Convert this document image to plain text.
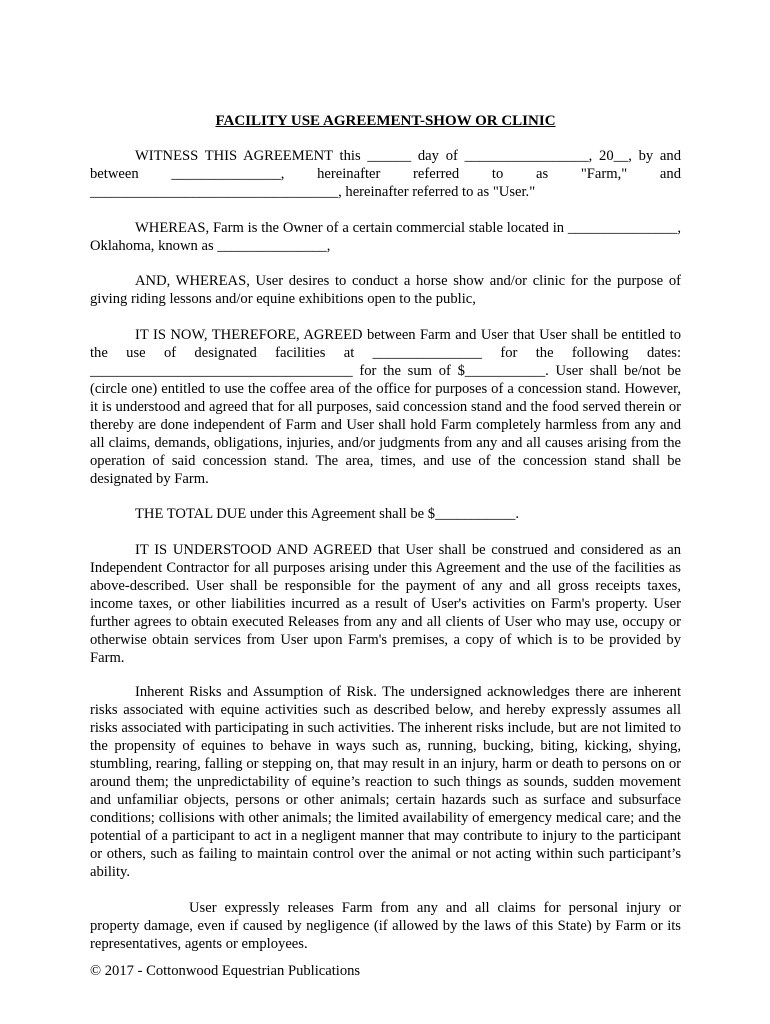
FACILITY USE AGREEMENT-SHOW OR CLINIC

WITNESS THIS AGREEMENT this ______ day of _________________, 20__, by and between _______________, hereinafter referred to as "Farm," and __________________________________, hereinafter referred to as "User."

WHEREAS, Farm is the Owner of a certain commercial stable located in _______________, Oklahoma, known as _______________,

AND, WHEREAS, User desires to conduct a horse show and/or clinic for the purpose of giving riding lessons and/or equine exhibitions open to the public,

IT IS NOW, THEREFORE, AGREED between Farm and User that User shall be entitled to the use of designated facilities at _______________ for the following dates: ____________________________________ for the sum of $___________. User shall be/not be (circle one) entitled to use the coffee area of the office for purposes of a concession stand. However, it is understood and agreed that for all purposes, said concession stand and the food served therein or thereby are done independent of Farm and User shall hold Farm completely harmless from any and all claims, demands, obligations, injuries, and/or judgments from any and all causes arising from the operation of said concession stand. The area, times, and use of the concession stand shall be designated by Farm.

THE TOTAL DUE under this Agreement shall be $___________.

IT IS UNDERSTOOD AND AGREED that User shall be construed and considered as an Independent Contractor for all purposes arising under this Agreement and the use of the facilities as above-described. User shall be responsible for the payment of any and all gross receipts taxes, income taxes, or other liabilities incurred as a result of User's activities on Farm's property. User further agrees to obtain executed Releases from any and all clients of User who may use, occupy or otherwise obtain services from User upon Farm's premises, a copy of which is to be provided by Farm.

Inherent Risks and Assumption of Risk. The undersigned acknowledges there are inherent risks associated with equine activities such as described below, and hereby expressly assumes all risks associated with participating in such activities. The inherent risks include, but are not limited to the propensity of equines to behave in ways such as, running, bucking, biting, kicking, shying, stumbling, rearing, falling or stepping on, that may result in an injury, harm or death to persons on or around them; the unpredictability of equine’s reaction to such things as sounds, sudden movement and unfamiliar objects, persons or other animals; certain hazards such as surface and subsurface conditions; collisions with other animals; the limited availability of emergency medical care; and the potential of a participant to act in a negligent manner that may contribute to injury to the participant or others, such as failing to maintain control over the animal or not acting within such participant’s ability.

User expressly releases Farm from any and all claims for personal injury or property damage, even if caused by negligence (if allowed by the laws of this State) by Farm or its representatives, agents or employees.

© 2017 - Cottonwood Equestrian Publications
